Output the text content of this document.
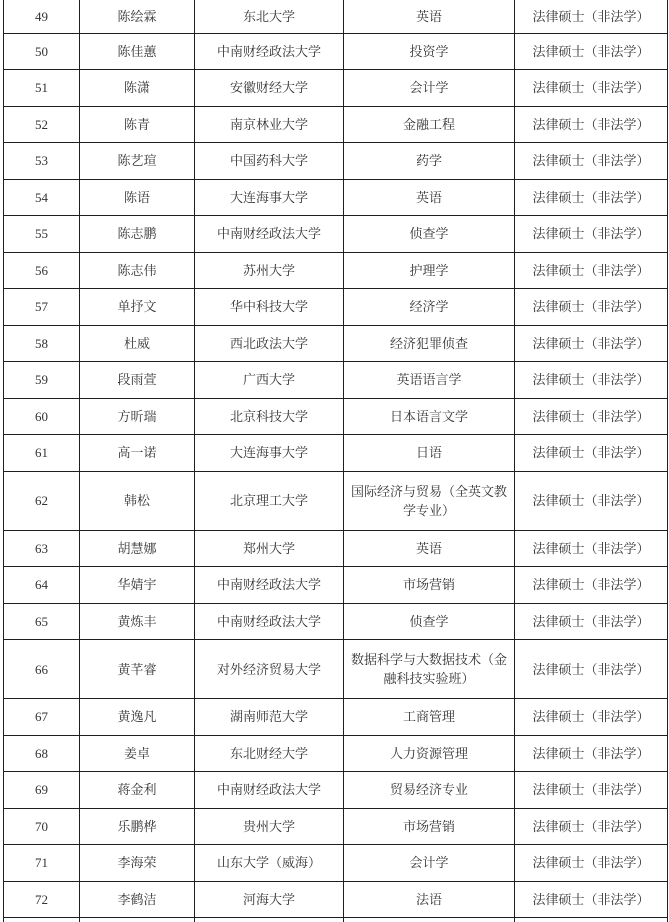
49	陈绘霖	东北大学	英语	法律硕士（非法学）
50	陈佳蕙	中南财经政法大学	投资学	法律硕士（非法学）
51	陈潇	安徽财经大学	会计学	法律硕士（非法学）
52	陈青	南京林业大学	金融工程	法律硕士（非法学）
53	陈艺瑄	中国药科大学	药学	法律硕士（非法学）
54	陈语	大连海事大学	英语	法律硕士（非法学）
55	陈志鹏	中南财经政法大学	侦查学	法律硕士（非法学）
56	陈志伟	苏州大学	护理学	法律硕士（非法学）
57	单抒文	华中科技大学	经济学	法律硕士（非法学）
58	杜威	西北政法大学	经济犯罪侦查	法律硕士（非法学）
59	段雨萱	广西大学	英语语言学	法律硕士（非法学）
60	方昕瑞	北京科技大学	日本语言文学	法律硕士（非法学）
61	高一诺	大连海事大学	日语	法律硕士（非法学）
62	韩松	北京理工大学	国际经济与贸易（全英文教学专业）	法律硕士（非法学）
63	胡慧娜	郑州大学	英语	法律硕士（非法学）
64	华婧宇	中南财经政法大学	市场营销	法律硕士（非法学）
65	黄炼丰	中南财经政法大学	侦查学	法律硕士（非法学）
66	黄芊睿	对外经济贸易大学	数据科学与大数据技术（金融科技实验班）	法律硕士（非法学）
67	黄逸凡	湖南师范大学	工商管理	法律硕士（非法学）
68	姜卓	东北财经大学	人力资源管理	法律硕士（非法学）
69	蒋金利	中南财经政法大学	贸易经济专业	法律硕士（非法学）
70	乐鹏桦	贵州大学	市场营销	法律硕士（非法学）
71	李海荣	山东大学（威海）	会计学	法律硕士（非法学）
72	李鹤洁	河海大学	法语	法律硕士（非法学）
